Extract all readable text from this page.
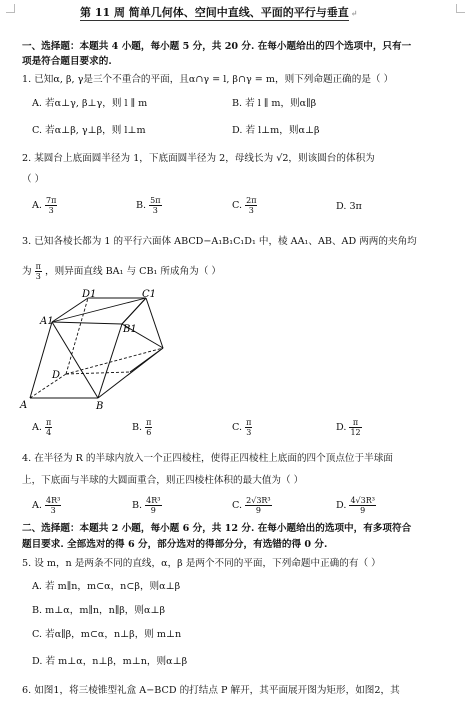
第 11 周 简单几何体、空间中直线、平面的平行与垂直 ↵
一、选择题：本题共 4 小题，每小题 5 分，共 20 分. 在每小题给出的四个选项中，只有一
项是符合题目要求的.
1. 已知α, β, γ是三个不重合的平面，且α∩γ = l, β∩γ = m，则下列命题正确的是（ ）
A. 若α⊥γ, β⊥γ，则 l ∥ m	B. 若 l ∥ m，则α∥β
C. 若α⊥β, γ⊥β，则 l⊥m	D. 若 l⊥m，则α⊥β
2. 某圆台上底面圆半径为 1，下底面圆半径为 2，母线长为 √2，则该圆台的体积为
（ ）
A. $\frac{7\pi}{3}$	B. $\frac{5\pi}{3}$	C. $\frac{2\pi}{3}$	D. 3π
3. 已知各棱长都为 1 的平行六面体 ABCD−A₁B₁C₁D₁ 中，棱 AA₁、AB、AD 两两的夹角均
为 $\frac{\pi}{3}$ ，则异面直线 BA₁ 与 CB₁ 所成角为（ ）
A	B
D
A1
B1
C1
D1
A. $\frac{\pi}{4}$	B. $\frac{\pi}{6}$	C. $\frac{\pi}{3}$	D. $\frac{\pi}{12}$
4. 在半径为 R 的半球内放入一个正四棱柱，使得正四棱柱上底面的四个顶点位于半球面
上，下底面与半球的大圆面重合，则正四棱柱体积的最大值为（ ）
A. $\frac{\text{4R³}}{3}$	B. $\frac{\text{4R³}}{9}$	C. $\frac{\text{2√3R³}}{9}$	D. $\frac{\text{4√3R³}}{9}$
二、选择题：本题共 2 小题，每小题 6 分，共 12 分. 在每小题给出的选项中，有多项符合
题目要求. 全部选对的得 6 分，部分选对的得部分分，有选错的得 0 分.
5. 设 m，n 是两条不同的直线，α，β 是两个不同的平面，下列命题中正确的有（ ）
A. 若 m∥n，m⊂α，n⊂β，则α⊥β
B. m⊥α，m∥n，n∥β，则α⊥β
C. 若α∥β，m⊂α，n⊥β，则 m⊥n
D. 若 m⊥α，n⊥β，m⊥n，则α⊥β
6. 如图1，将三棱锥型礼盒 A−BCD 的打结点 P 解开，其平面展开图为矩形，如图2，其
